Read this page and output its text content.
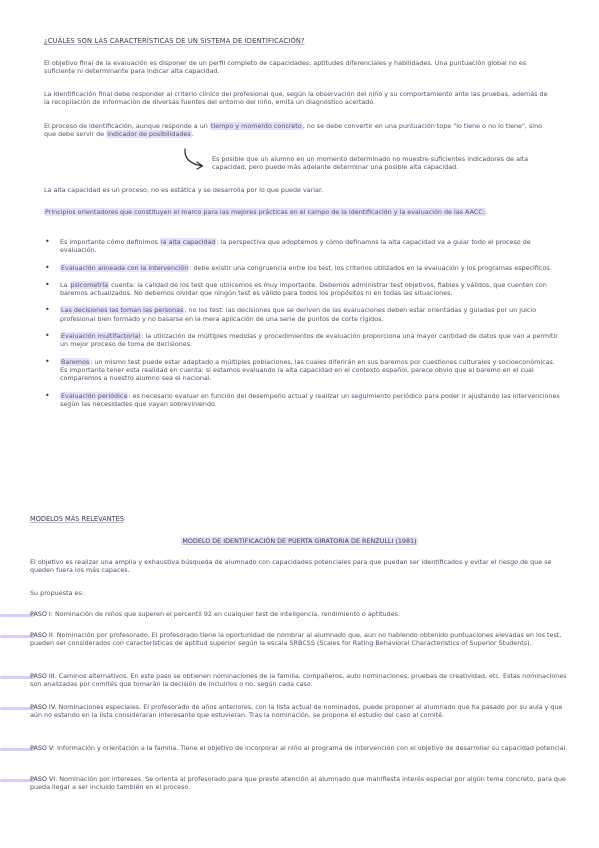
¿CUÁLES SON LAS CARACTERÍSTICAS DE UN SISTEMA DE IDENTIFICACIÓN?
El objetivo final de la evaluación es disponer de un perfil completo de capacidades, aptitudes diferenciales y habilidades. Una puntuación global no es suficiente ni determinante para indicar alta capacidad.
La identificación final debe responder al criterio clínico del profesional que, según la observación del niño y su comportamiento ante las pruebas, además de la recopilación de información de diversas fuentes del entorno del niño, emita un diagnóstico acertado.
El proceso de identificación, aunque responde a un tiempo y momento concreto, no se debe convertir en una puntuación tope "lo tiene o no lo tiene", sino que debe servir de indicador de posibilidades.
Es posible que un alumno en un momento determinado no muestre suficientes indicadores de alta capacidad, pero puede más adelante determinar una posible alta capacidad.
La alta capacidad es un proceso, no es estática y se desarrolla por lo que puede variar.
Principios orientadores que constituyen el marco para las mejores prácticas en el campo de la identificación y la evaluación de las AACC:
• Es importante cómo definimos la alta capacidad: la perspectiva que adoptemos y cómo definamos la alta capacidad va a guiar todo el proceso de evaluación.
• Evaluación alineada con la intervención: debe existir una congruencia entre los test, los criterios utilizados en la evaluación y los programas específicos.
• La psicometría cuenta: la calidad de los test que utilicemos es muy importante. Debemos administrar test objetivos, fiables y válidos, que cuenten con baremos actualizados. No debemos olvidar que ningún test es válido para todos los propósitos ni en todas las situaciones.
• Las decisiones las toman las personas, no los test: las decisiones que se deriven de las evaluaciones deben estar orientadas y guiadas por un juicio profesional bien formado y no basarse en la mera aplicación de una serie de puntos de corte rígidos.
• Evaluación multifactorial: la utilización de múltiples medidas y procedimientos de evaluación proporciona una mayor cantidad de datos que van a permitir un mejor proceso de toma de decisiones.
• Baremos: un mismo test puede estar adaptado a múltiples poblaciones, las cuales diferirán en sus baremos por cuestiones culturales y socioeconómicas. Es importante tener esta realidad en cuenta: si estamos evaluando la alta capacidad en el contexto español, parece obvio que el baremo en el cual comparemos a nuestro alumno sea el nacional.
• Evaluación periódica: es necesario evaluar en función del desempeño actual y realizar un seguimiento periódico para poder ir ajustando las intervenciones según las necesidades que vayan sobreviniendo.
MODELOS MÁS RELEVANTES
MODELO DE IDENTIFICACIÓN DE PUERTA GIRATORIA DE RENZULLI (1981)
El objetivo es realizar una amplia y exhaustiva búsqueda de alumnado con capacidades potenciales para que puedan ser identificados y evitar el riesgo de que se queden fuera los más capaces.
Su propuesta es:
PASO I: Nominación de niños que superen el percentil 92 en cualquier test de inteligencia, rendimiento o aptitudes.
PASO II. Nominación por profesorado. El profesorado tiene la oportunidad de nombrar al alumnado que, aun no habiendo obtenido puntuaciones elevadas en los test, pueden ser considerados con características de aptitud superior según la escala SRBCSS (Scales for Rating Behavioral Characteristics of Superior Students).
PASO III. Caminos alternativos. En este paso se obtienen nominaciones de la familia, compañeros, auto nominaciones, pruebas de creatividad, etc. Estas nominaciones son analizadas por comités que tomarán la decisión de incluirlos o no, según cada caso.
PASO IV. Nominaciones especiales. El profesorado de años anteriores, con la lista actual de nominados, puede proponer al alumnado que ha pasado por su aula y que aún no estando en la lista consideraran interesante que estuvieran. Tras la nominación, se propone el estudio del caso al comité.
PASO V: Información y orientación a la familia. Tiene el objetivo de incorporar al niño al programa de intervención con el objetivo de desarrollar su capacidad potencial.
PASO VI. Nominación por intereses. Se orienta al profesorado para que preste atención al alumnado que manifiesta interés especial por algún tema concreto, para que pueda llegar a ser incluido también en el proceso.
